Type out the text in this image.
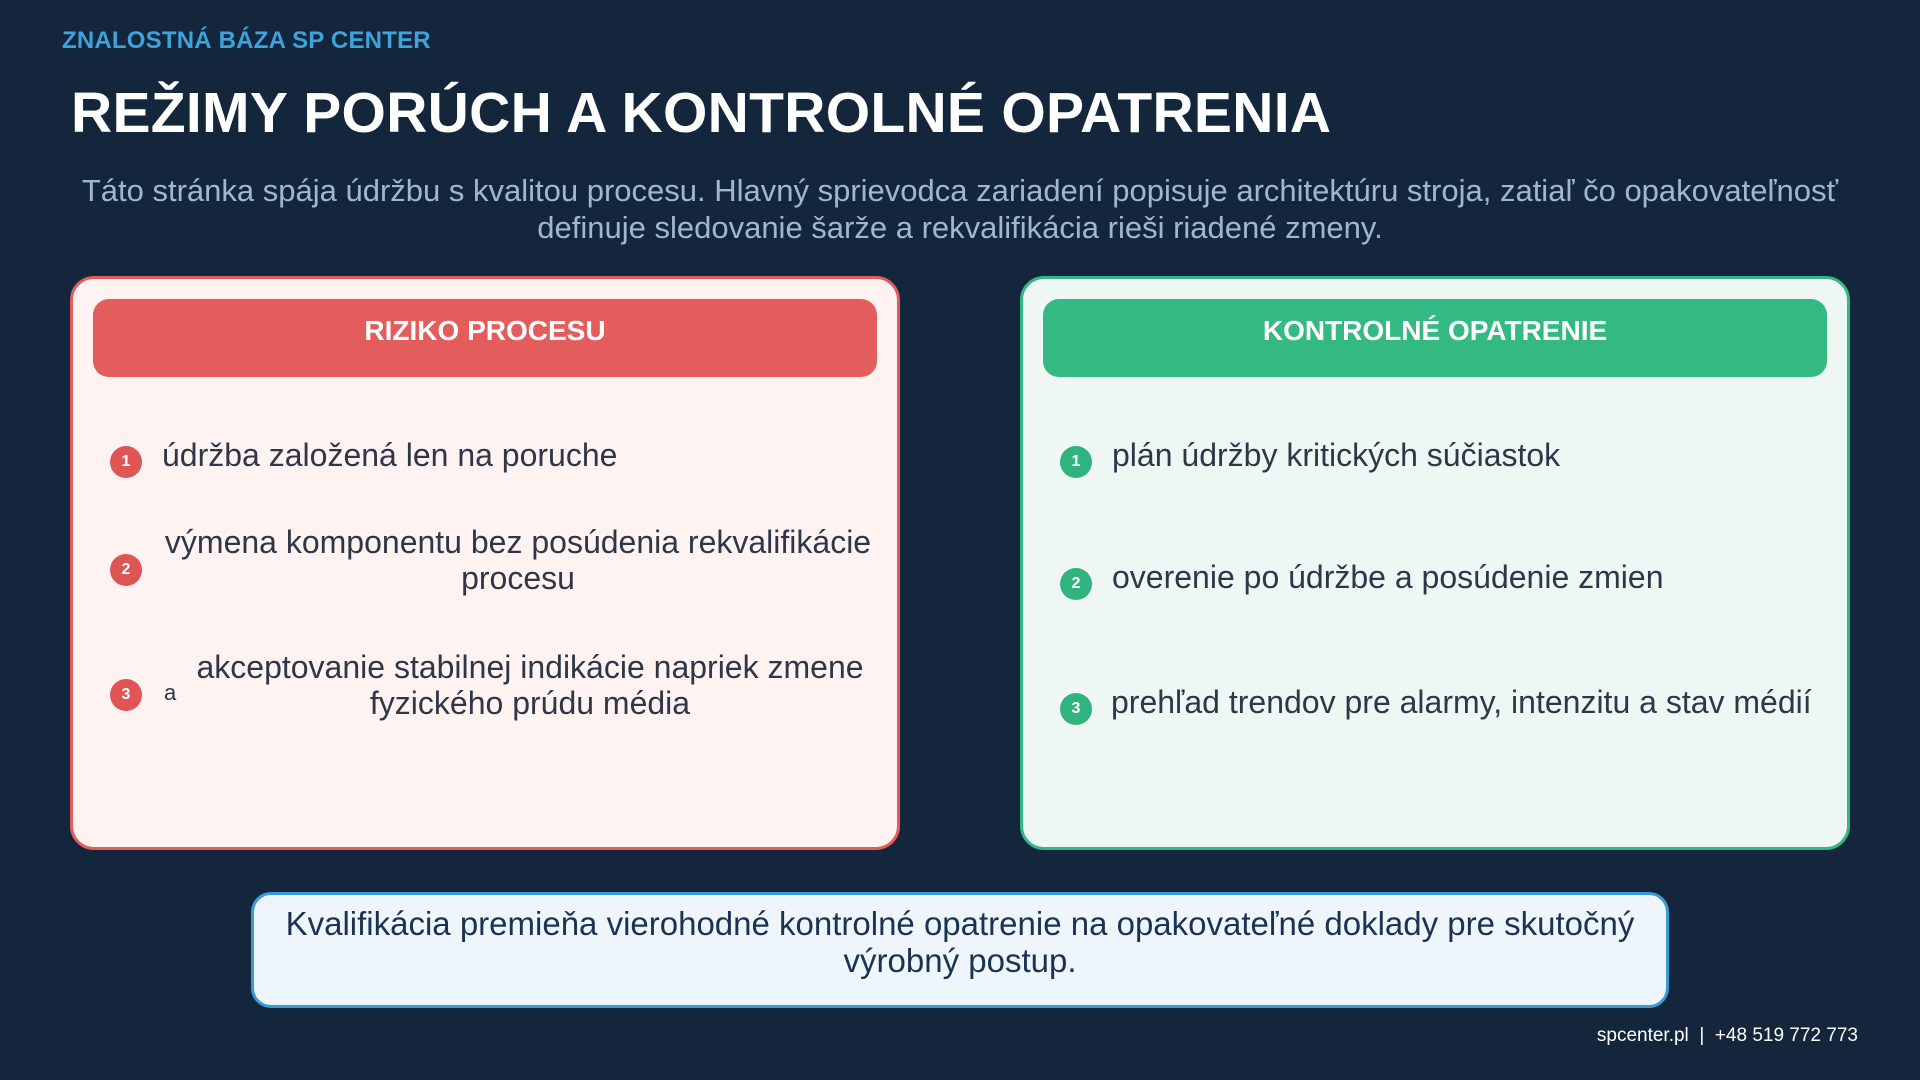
ZNALOSTNÁ BÁZA SP CENTER
REŽIMY PORÚCH A KONTROLNÉ OPATRENIA

Táto stránka spája údržbu s kvalitou procesu. Hlavný sprievodca zariadení popisuje architektúru stroja, zatiaľ čo opakovateľnosť definuje sledovanie šarže a rekvalifikácia rieši riadené zmeny.

RIZIKO PROCESU
1 údržba založená len na poruche
2
výmena komponentu bez posúdenia rekvalifikácie procesu
3	a
akceptovanie stabilnej indikácie napriek zmene fyzického prúdu média
KONTROLNÉ OPATRENIE
1 plán údržby kritických súčiastok
2 overenie po údržbe a posúdenie zmien
3 prehľad trendov pre alarmy, intenzitu a stav médií
Kvalifikácia premieňa vierohodné kontrolné opatrenie na opakovateľné doklady pre skutočný výrobný postup.
spcenter.pl  |  +48 519 772 773
